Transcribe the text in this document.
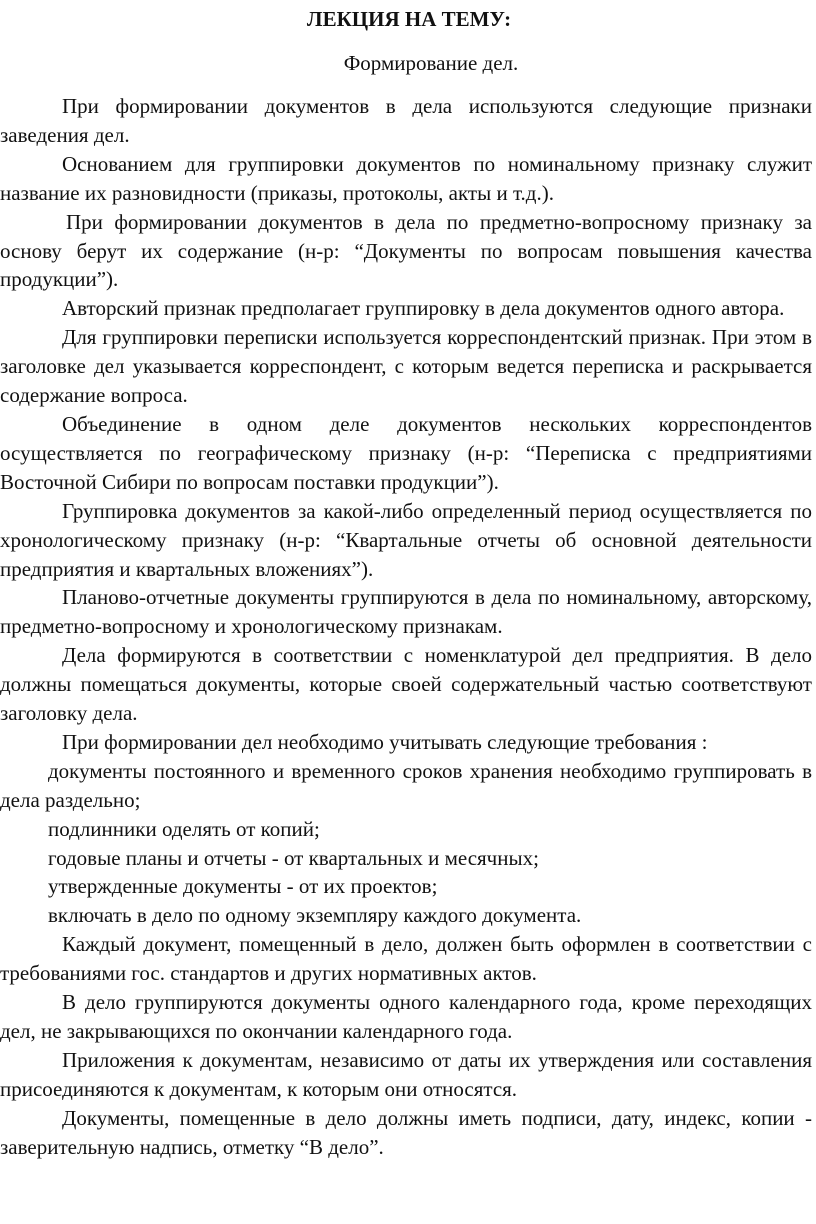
ЛЕКЦИЯ НА ТЕМУ:

Формирование дел.

При формировании документов в дела используются следующие признаки заведения дел.

Основанием для группировки документов по номинальному признаку служит название их разновидности (приказы, протоколы, акты и т.д.).

При формировании документов в дела по предметно-вопросному признаку за основу берут их содержание (н-р: “Документы по вопросам повышения качества продукции”).

Авторский признак предполагает группировку в дела документов одного автора.

Для группировки переписки используется корреспондентский признак. При этом в заголовке дел указывается корреспондент, с которым ведется переписка и раскрывается содержание вопроса.

Объединение в одном деле документов нескольких корреспондентов осуществляется по географическому признаку (н-р: “Переписка с предприятиями Восточной Сибири по вопросам поставки продукции”).

Группировка документов за какой-либо определенный период осуществляется по хронологическому признаку (н-р: “Квартальные отчеты об основной деятельности предприятия и квартальных вложениях”).

Планово-отчетные документы группируются в дела по номинальному, авторскому, предметно-вопросному и хронологическому признакам.

Дела формируются в соответствии с номенклатурой дел предприятия. В дело должны помещаться документы, которые своей содержательный частью соответствуют заголовку дела.

При формировании дел необходимо учитывать следующие требования :

документы постоянного и временного сроков хранения необходимо группировать в дела раздельно;

подлинники оделять от копий;

годовые планы и отчеты - от квартальных и месячных;

утвержденные документы - от их проектов;

включать в дело по одному экземпляру каждого документа.

Каждый документ, помещенный в дело, должен быть оформлен в соответствии с требованиями гос. стандартов и других нормативных актов.

В дело группируются документы одного календарного года, кроме переходящих дел, не закрывающихся по окончании календарного года.

Приложения к документам, независимо от даты их утверждения или составления присоединяются к документам, к которым они относятся.

Документы, помещенные в дело должны иметь подписи, дату, индекс, копии - заверительную надпись, отметку “В дело”.
